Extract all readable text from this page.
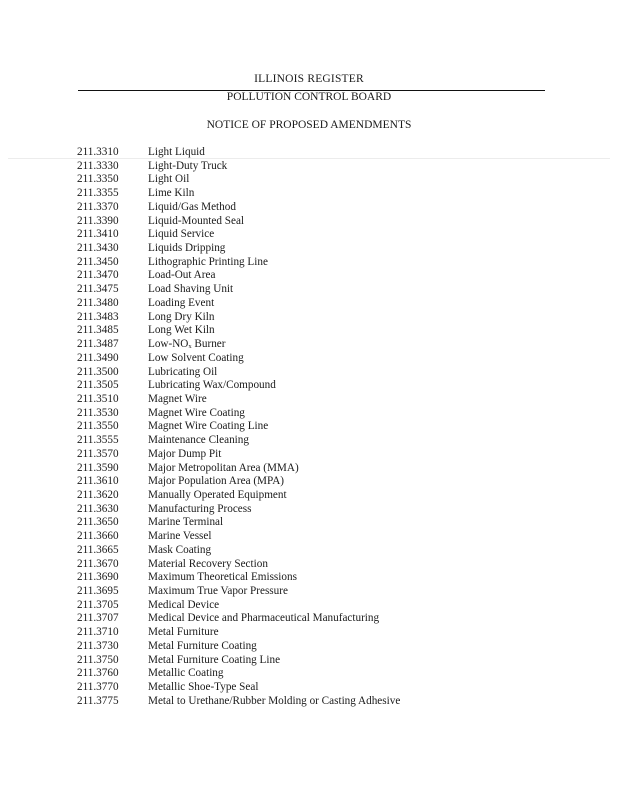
ILLINOIS REGISTER
POLLUTION CONTROL BOARD
NOTICE OF PROPOSED AMENDMENTS
211.3310	Light Liquid
211.3330	Light-Duty Truck
211.3350	Light Oil
211.3355	Lime Kiln
211.3370	Liquid/Gas Method
211.3390	Liquid-Mounted Seal
211.3410	Liquid Service
211.3430	Liquids Dripping
211.3450	Lithographic Printing Line
211.3470	Load-Out Area
211.3475	Load Shaving Unit
211.3480	Loading Event
211.3483	Long Dry Kiln
211.3485	Long Wet Kiln
211.3487	Low-NOₓ Burner
211.3490	Low Solvent Coating
211.3500	Lubricating Oil
211.3505	Lubricating Wax/Compound
211.3510	Magnet Wire
211.3530	Magnet Wire Coating
211.3550	Magnet Wire Coating Line
211.3555	Maintenance Cleaning
211.3570	Major Dump Pit
211.3590	Major Metropolitan Area (MMA)
211.3610	Major Population Area (MPA)
211.3620	Manually Operated Equipment
211.3630	Manufacturing Process
211.3650	Marine Terminal
211.3660	Marine Vessel
211.3665	Mask Coating
211.3670	Material Recovery Section
211.3690	Maximum Theoretical Emissions
211.3695	Maximum True Vapor Pressure
211.3705	Medical Device
211.3707	Medical Device and Pharmaceutical Manufacturing
211.3710	Metal Furniture
211.3730	Metal Furniture Coating
211.3750	Metal Furniture Coating Line
211.3760	Metallic Coating
211.3770	Metallic Shoe-Type Seal
211.3775	Metal to Urethane/Rubber Molding or Casting Adhesive
